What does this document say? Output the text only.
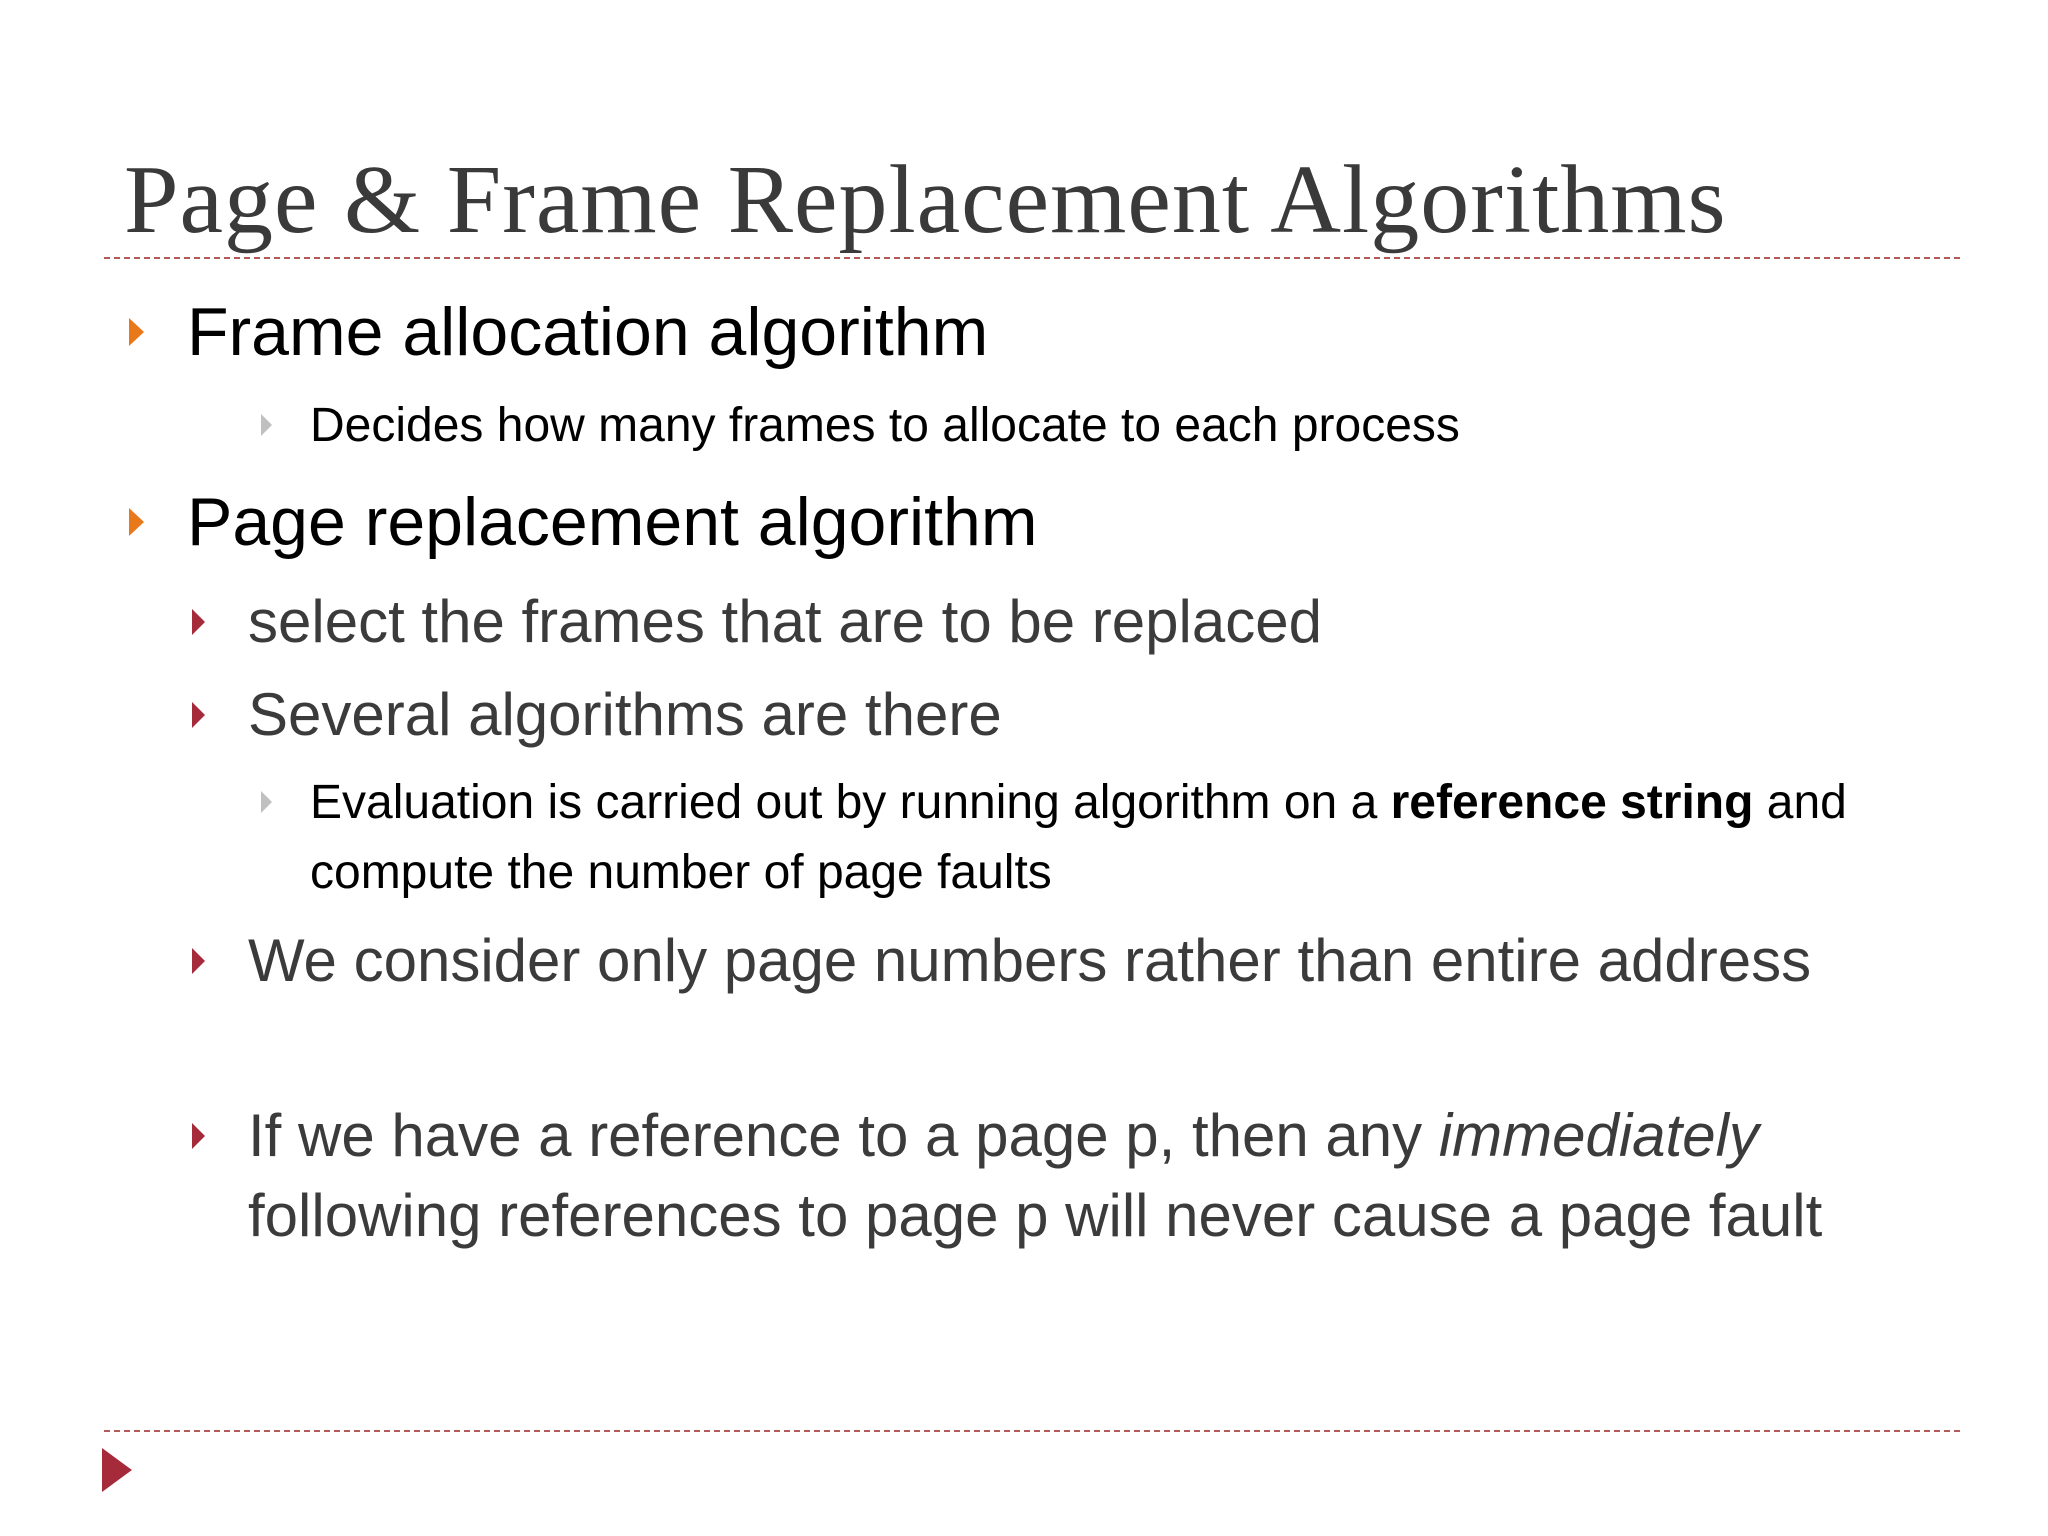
Page & Frame Replacement Algorithms

Frame allocation algorithm

Decides how many frames to allocate to each process

Page replacement algorithm

select the frames that are to be replaced

Several algorithms are there

Evaluation is carried out by running algorithm on a reference string and compute the number of page faults

We consider only page numbers rather than entire address

If we have a reference to a page p, then any immediately following references to page p will never cause a page fault
